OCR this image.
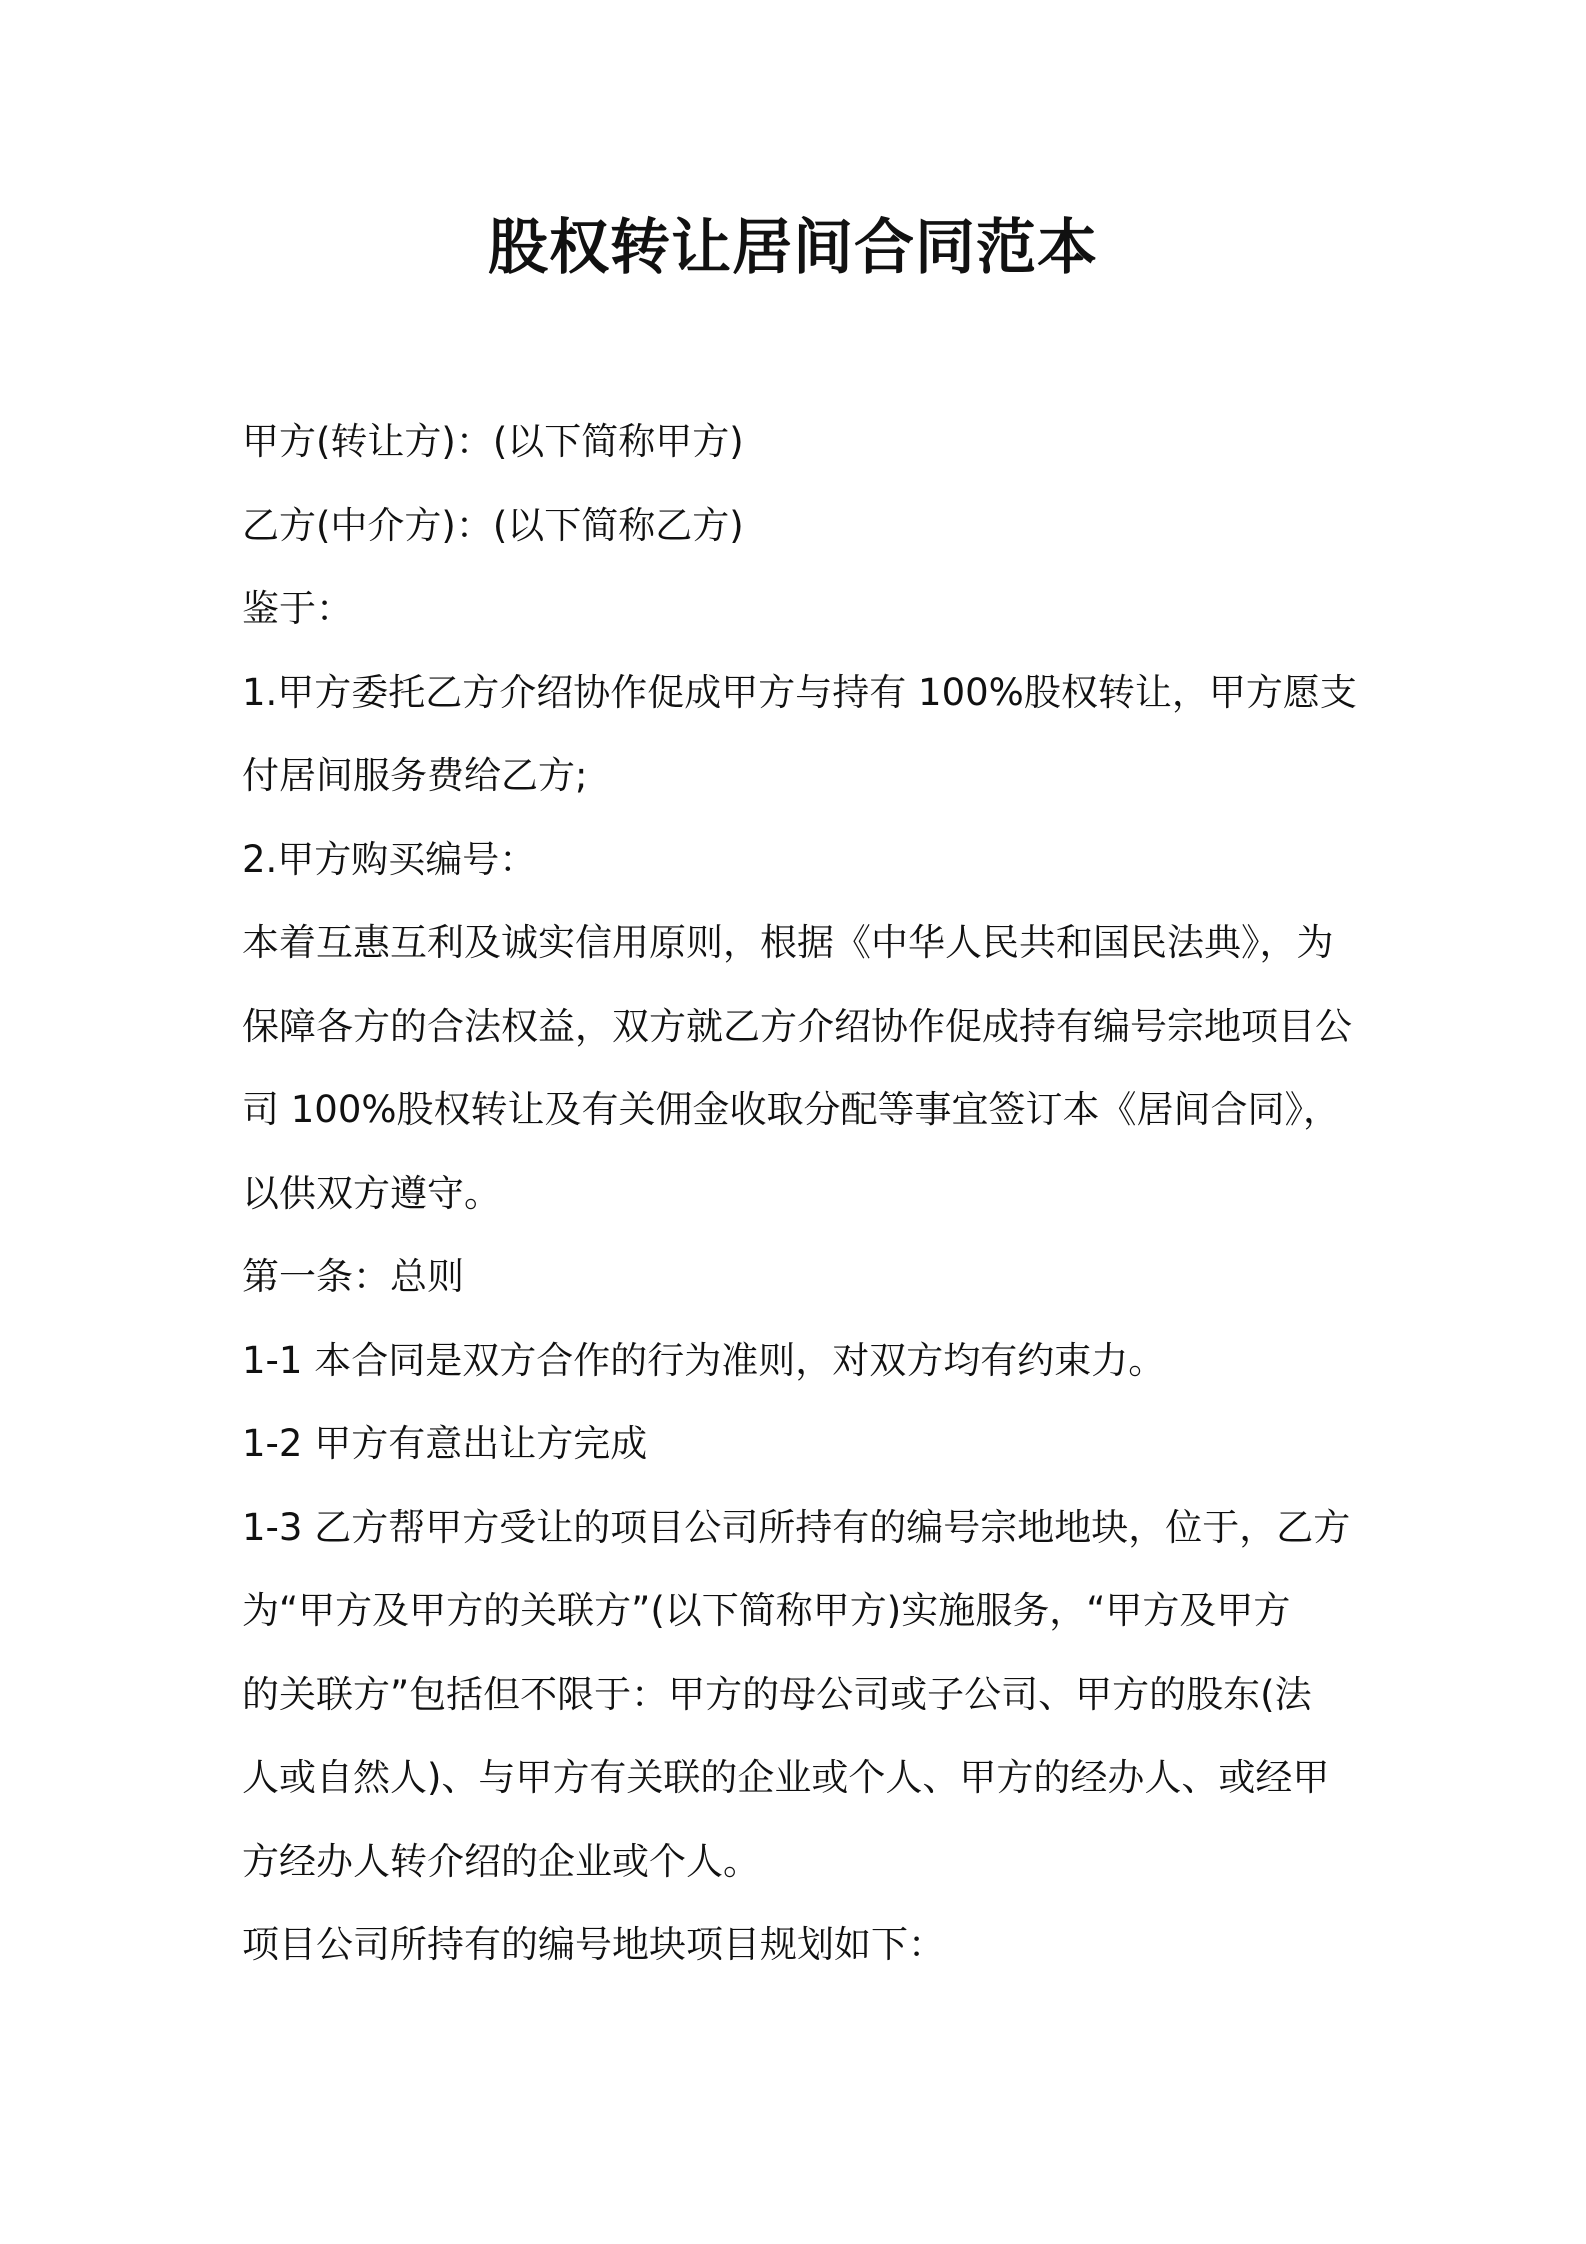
股权转让居间合同范本
甲方(转让方)：(以下简称甲方)
乙方(中介方)：(以下简称乙方)
鉴于：
1.甲方委托乙方介绍协作促成甲方与持有 100%股权转让，甲方愿支
付居间服务费给乙方;
2.甲方购买编号：
本着互惠互利及诚实信用原则，根据《中华人民共和国民法典》，为
保障各方的合法权益，双方就乙方介绍协作促成持有编号宗地项目公
司 100%股权转让及有关佣金收取分配等事宜签订本《居间合同》，
以供双方遵守。
第一条：总则
1-1 本合同是双方合作的行为准则，对双方均有约束力。
1-2 甲方有意出让方完成
1-3 乙方帮甲方受让的项目公司所持有的编号宗地地块，位于，乙方
为“甲方及甲方的关联方”(以下简称甲方)实施服务，“甲方及甲方
的关联方”包括但不限于：甲方的母公司或子公司、甲方的股东(法
人或自然人)、与甲方有关联的企业或个人、甲方的经办人、或经甲
方经办人转介绍的企业或个人。
项目公司所持有的编号地块项目规划如下：
